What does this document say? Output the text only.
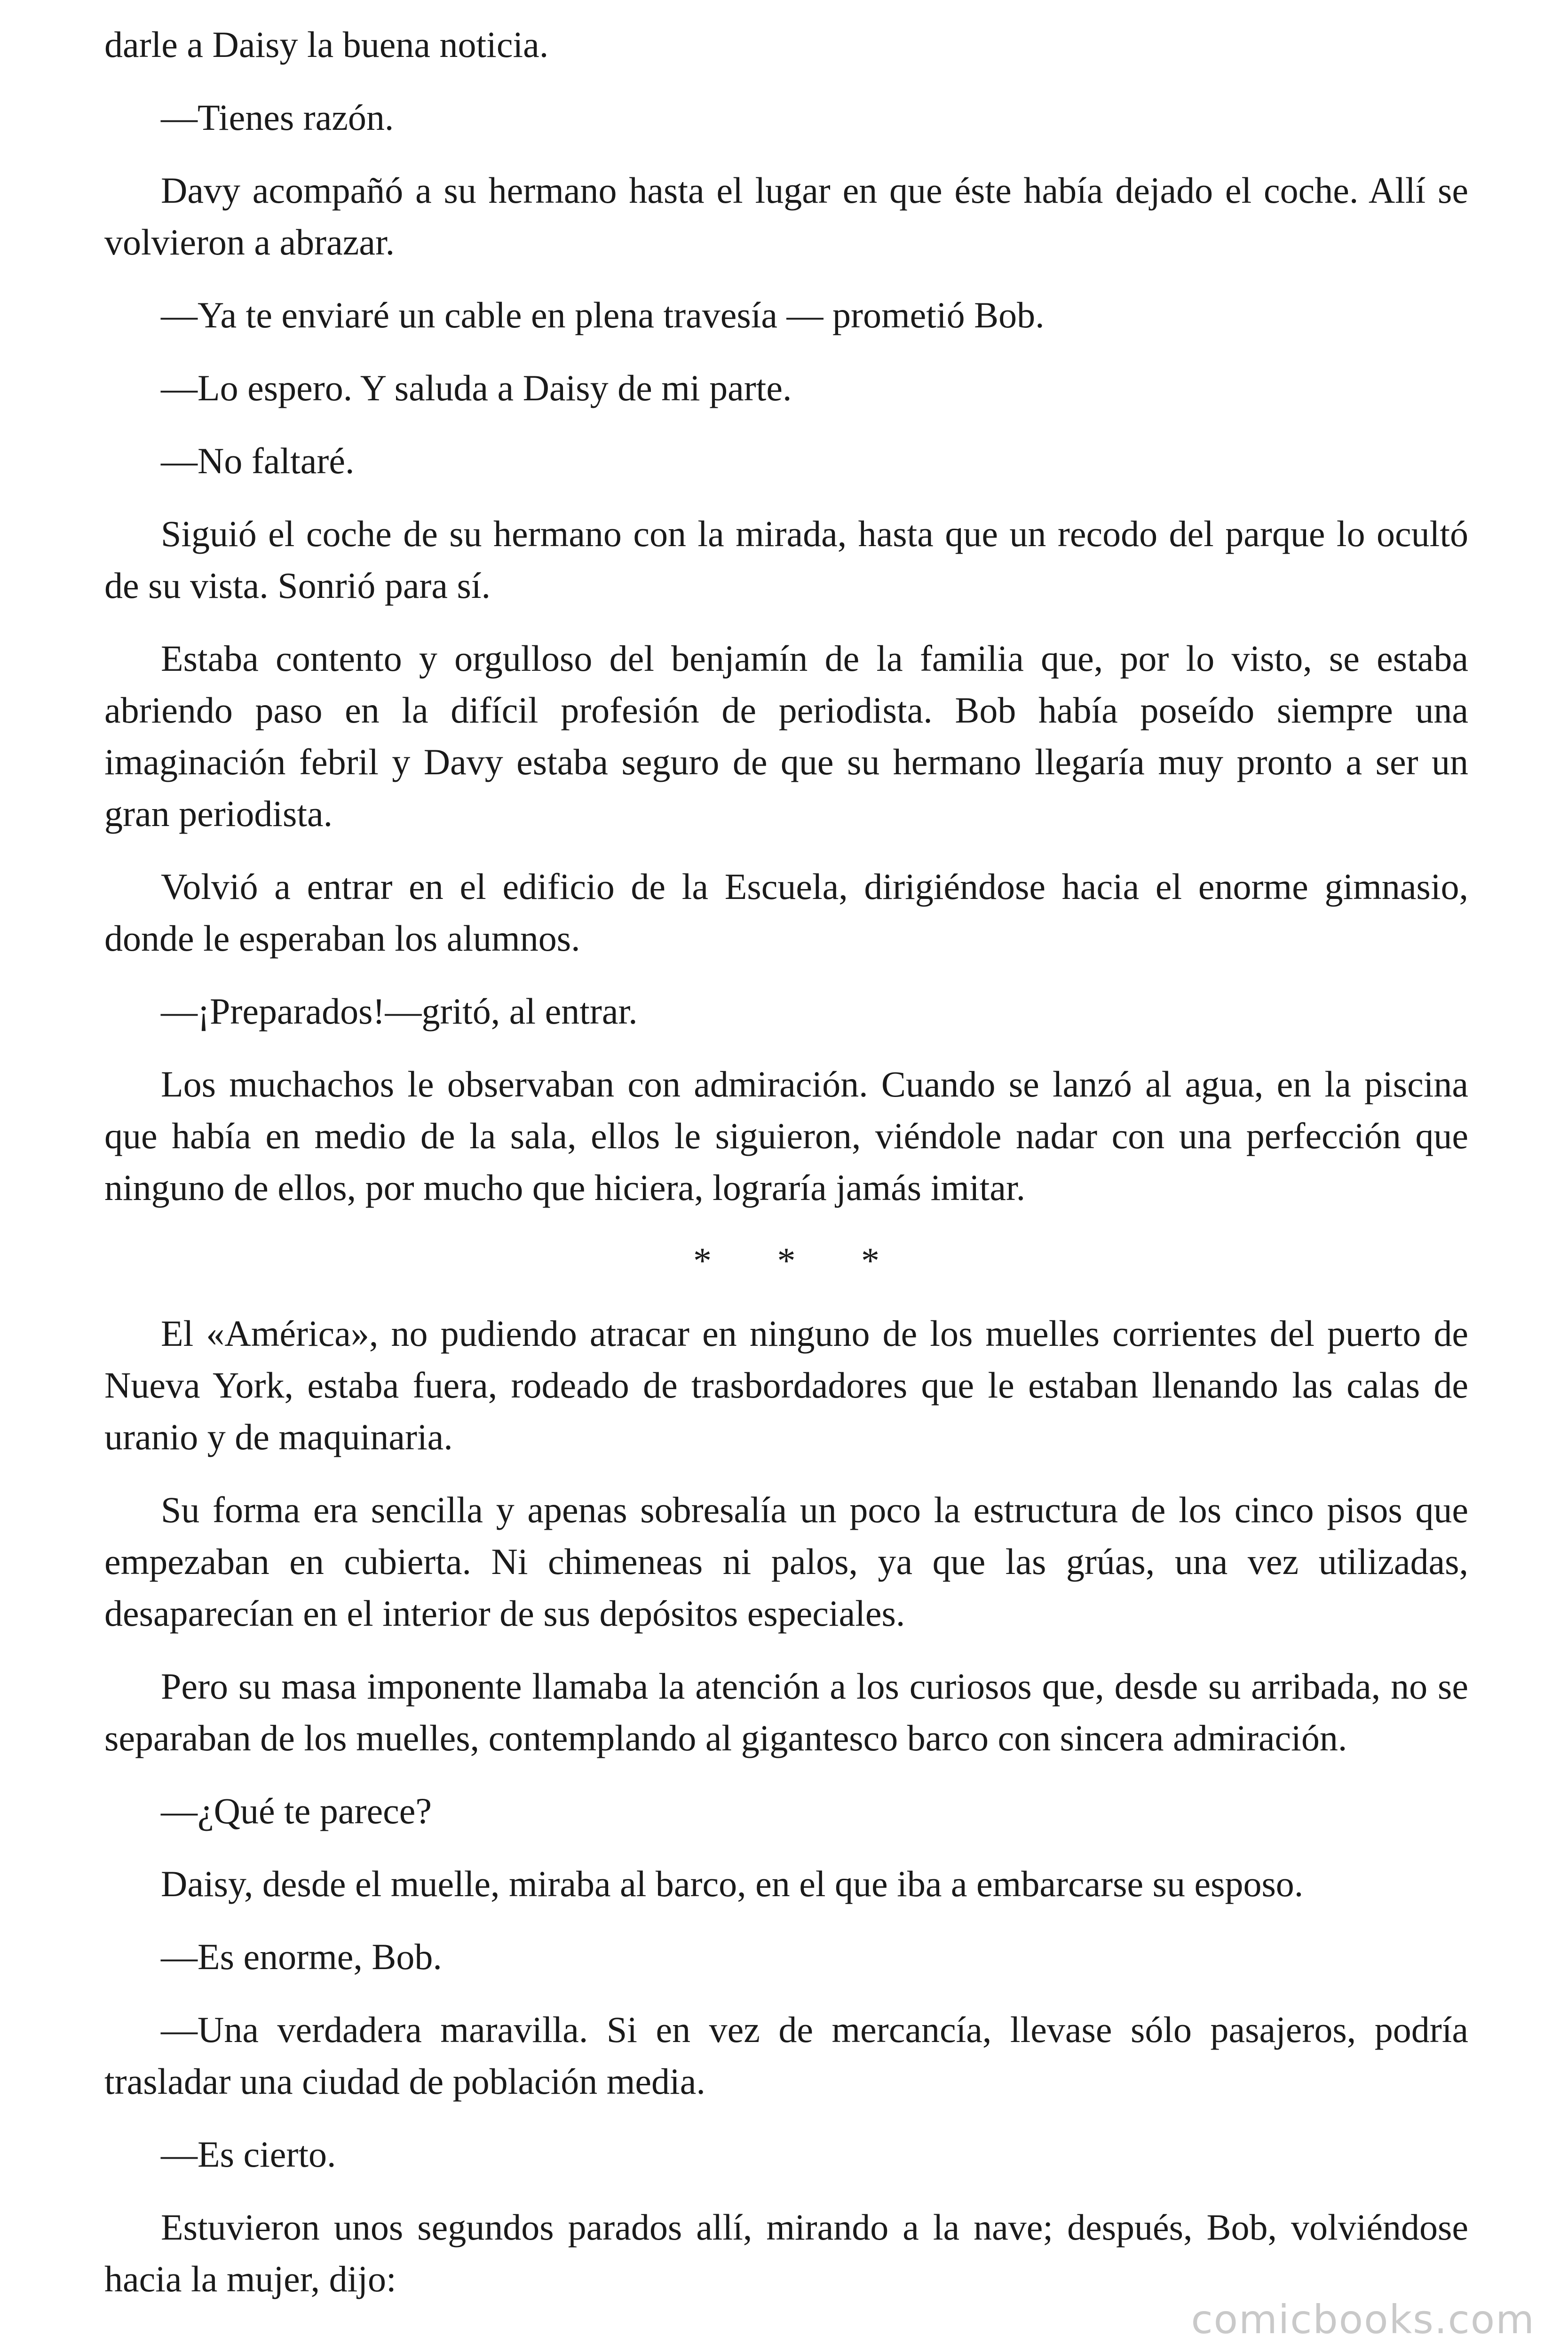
darle a Daisy la buena noticia.

—Tienes razón.

Davy acompañó a su hermano hasta el lugar en que éste había dejado el coche. Allí se volvieron a abrazar.

—Ya te enviaré un cable en plena travesía — prometió Bob.

—Lo espero. Y saluda a Daisy de mi parte.

—No faltaré.

Siguió el coche de su hermano con la mirada, hasta que un recodo del parque lo ocultó de su vista. Sonrió para sí.

Estaba contento y orgulloso del benjamín de la familia que, por lo visto, se estaba abriendo paso en la difícil profesión de periodista. Bob había poseído siempre una imaginación febril y Davy estaba seguro de que su hermano llegaría muy pronto a ser un gran periodista.

Volvió a entrar en el edificio de la Escuela, dirigiéndose hacia el enorme gimnasio, donde le esperaban los alumnos.

—¡Preparados!—gritó, al entrar.

Los muchachos le observaban con admiración. Cuando se lanzó al agua, en la piscina que había en medio de la sala, ellos le siguieron, viéndole nadar con una perfección que ninguno de ellos, por mucho que hiciera, lograría jamás imitar.

* * *

El «América», no pudiendo atracar en ninguno de los muelles corrientes del puerto de Nueva York, estaba fuera, rodeado de trasbordadores que le estaban llenando las calas de uranio y de maquinaria.

Su forma era sencilla y apenas sobresalía un poco la estructura de los cinco pisos que empezaban en cubierta. Ni chimeneas ni palos, ya que las grúas, una vez utilizadas, desaparecían en el interior de sus depósitos especiales.

Pero su masa imponente llamaba la atención a los curiosos que, desde su arribada, no se separaban de los muelles, contemplando al gigantesco barco con sincera admiración.

—¿Qué te parece?

Daisy, desde el muelle, miraba al barco, en el que iba a embarcarse su esposo.

—Es enorme, Bob.

—Una verdadera maravilla. Si en vez de mercancía, llevase sólo pasajeros, podría trasladar una ciudad de población media.

—Es cierto.

Estuvieron unos segundos parados allí, mirando a la nave; después, Bob, volviéndose hacia la mujer, dijo:

comicbooks.com
